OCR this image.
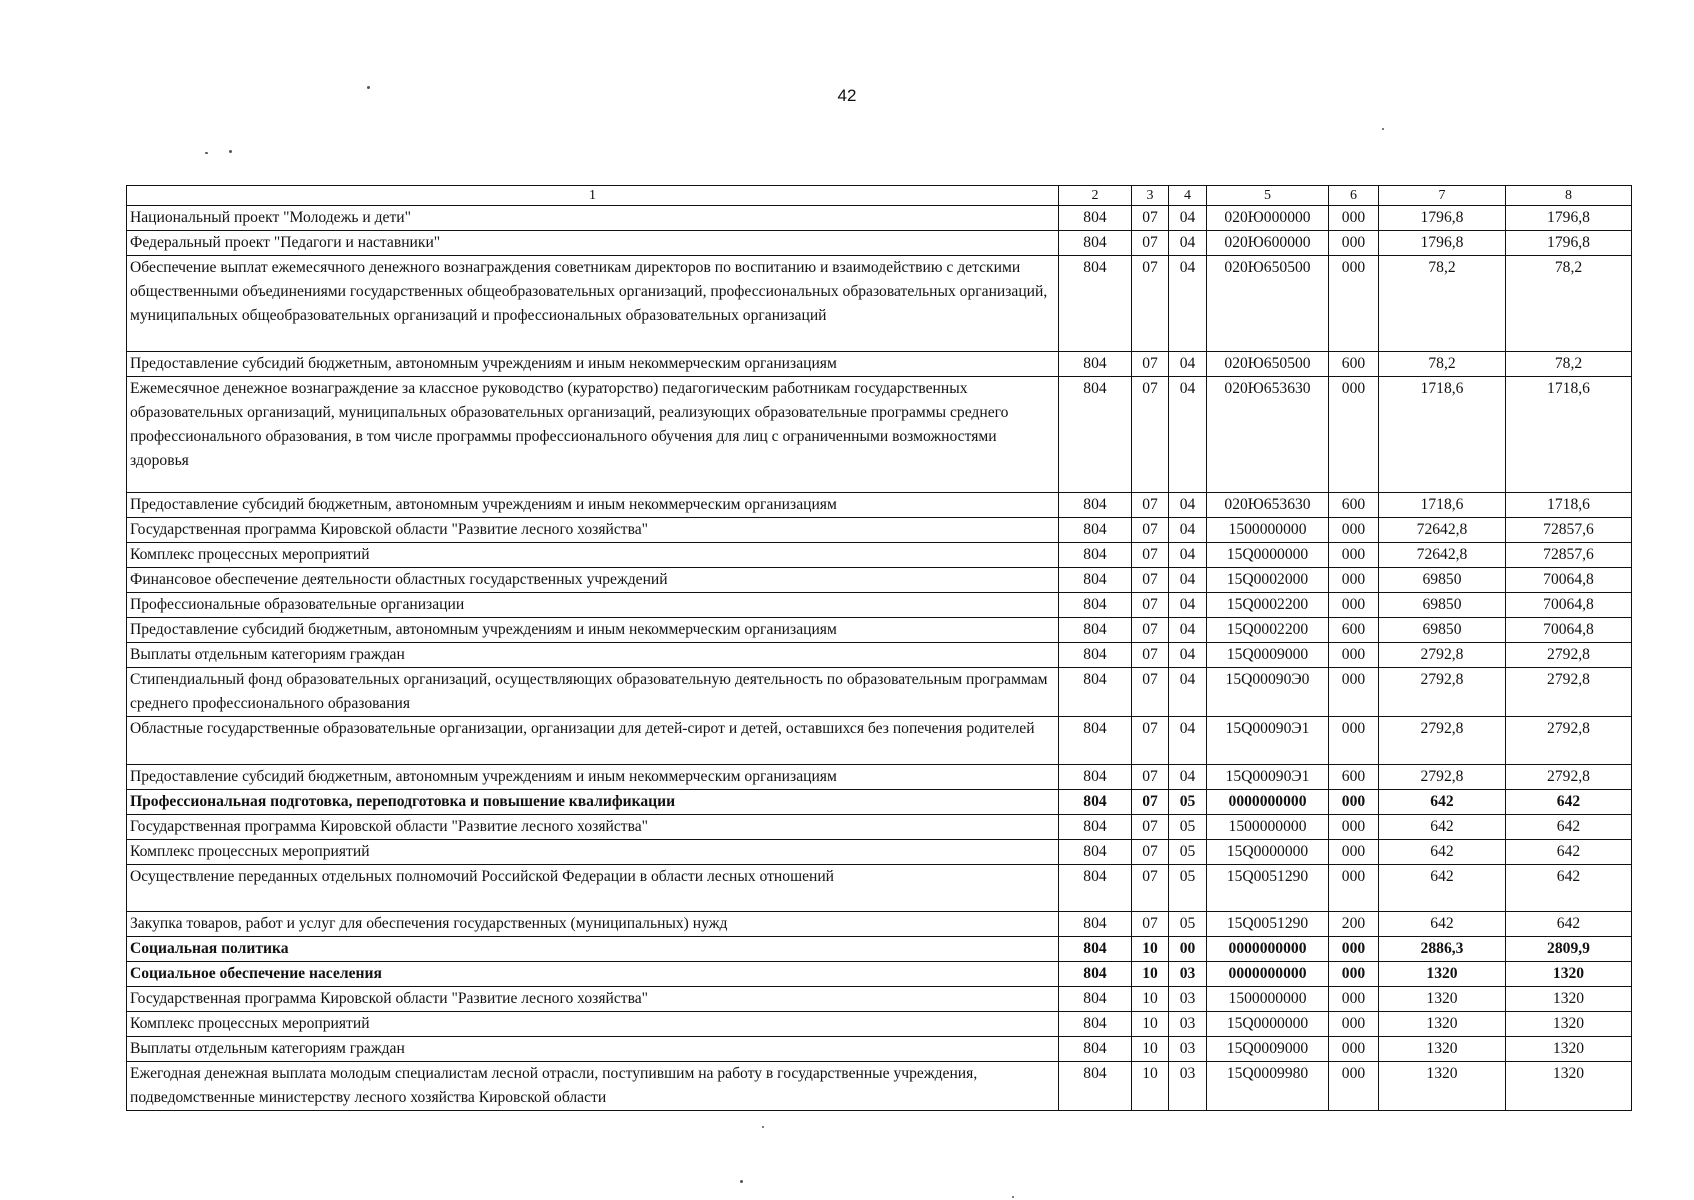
42
1	2	3	4	5	6	7	8
Национальный проект "Молодежь и дети"	804	07	04	020Ю000000	000	1796,8	1796,8
Федеральный проект "Педагоги и наставники"	804	07	04	020Ю600000	000	1796,8	1796,8
Обеспечение выплат ежемесячного денежного вознаграждения советникам директоров по воспитанию и взаимодействию с детскими общественными объединениями государственных общеобразовательных организаций, профессиональных образовательных организаций, муниципальных общеобразовательных организаций и профессиональных образовательных организаций	804	07	04	020Ю650500	000	78,2	78,2
Предоставление субсидий бюджетным, автономным учреждениям и иным некоммерческим организациям	804	07	04	020Ю650500	600	78,2	78,2
Ежемесячное денежное вознаграждение за классное руководство (кураторство) педагогическим работникам государственных образовательных организаций, муниципальных образовательных организаций, реализующих образовательные программы среднего профессионального образования, в том числе программы профессионального обучения для лиц с ограниченными возможностями здоровья	804	07	04	020Ю653630	000	1718,6	1718,6
Предоставление субсидий бюджетным, автономным учреждениям и иным некоммерческим организациям	804	07	04	020Ю653630	600	1718,6	1718,6
Государственная программа Кировской области "Развитие лесного хозяйства"	804	07	04	1500000000	000	72642,8	72857,6
Комплекс процессных мероприятий	804	07	04	15Q0000000	000	72642,8	72857,6
Финансовое обеспечение деятельности областных государственных учреждений	804	07	04	15Q0002000	000	69850	70064,8
Профессиональные образовательные организации	804	07	04	15Q0002200	000	69850	70064,8
Предоставление субсидий бюджетным, автономным учреждениям и иным некоммерческим организациям	804	07	04	15Q0002200	600	69850	70064,8
Выплаты отдельным категориям граждан	804	07	04	15Q0009000	000	2792,8	2792,8
Стипендиальный фонд образовательных организаций, осуществляющих образовательную деятельность по образовательным программам среднего профессионального образования	804	07	04	15Q00090Э0	000	2792,8	2792,8
Областные государственные образовательные организации, организации для детей-сирот и детей, оставшихся без попечения родителей	804	07	04	15Q00090Э1	000	2792,8	2792,8
Предоставление субсидий бюджетным, автономным учреждениям и иным некоммерческим организациям	804	07	04	15Q00090Э1	600	2792,8	2792,8
Профессиональная подготовка, переподготовка и повышение квалификации	804	07	05	0000000000	000	642	642
Государственная программа Кировской области "Развитие лесного хозяйства"	804	07	05	1500000000	000	642	642
Комплекс процессных мероприятий	804	07	05	15Q0000000	000	642	642
Осуществление переданных отдельных полномочий Российской Федерации в области лесных отношений	804	07	05	15Q0051290	000	642	642
Закупка товаров, работ и услуг для обеспечения государственных (муниципальных) нужд	804	07	05	15Q0051290	200	642	642
Социальная политика	804	10	00	0000000000	000	2886,3	2809,9
Социальное обеспечение населения	804	10	03	0000000000	000	1320	1320
Государственная программа Кировской области "Развитие лесного хозяйства"	804	10	03	1500000000	000	1320	1320
Комплекс процессных мероприятий	804	10	03	15Q0000000	000	1320	1320
Выплаты отдельным категориям граждан	804	10	03	15Q0009000	000	1320	1320
Ежегодная денежная выплата молодым специалистам лесной отрасли, поступившим на работу в государственные учреждения, подведомственные министерству лесного хозяйства Кировской области	804	10	03	15Q0009980	000	1320	1320
